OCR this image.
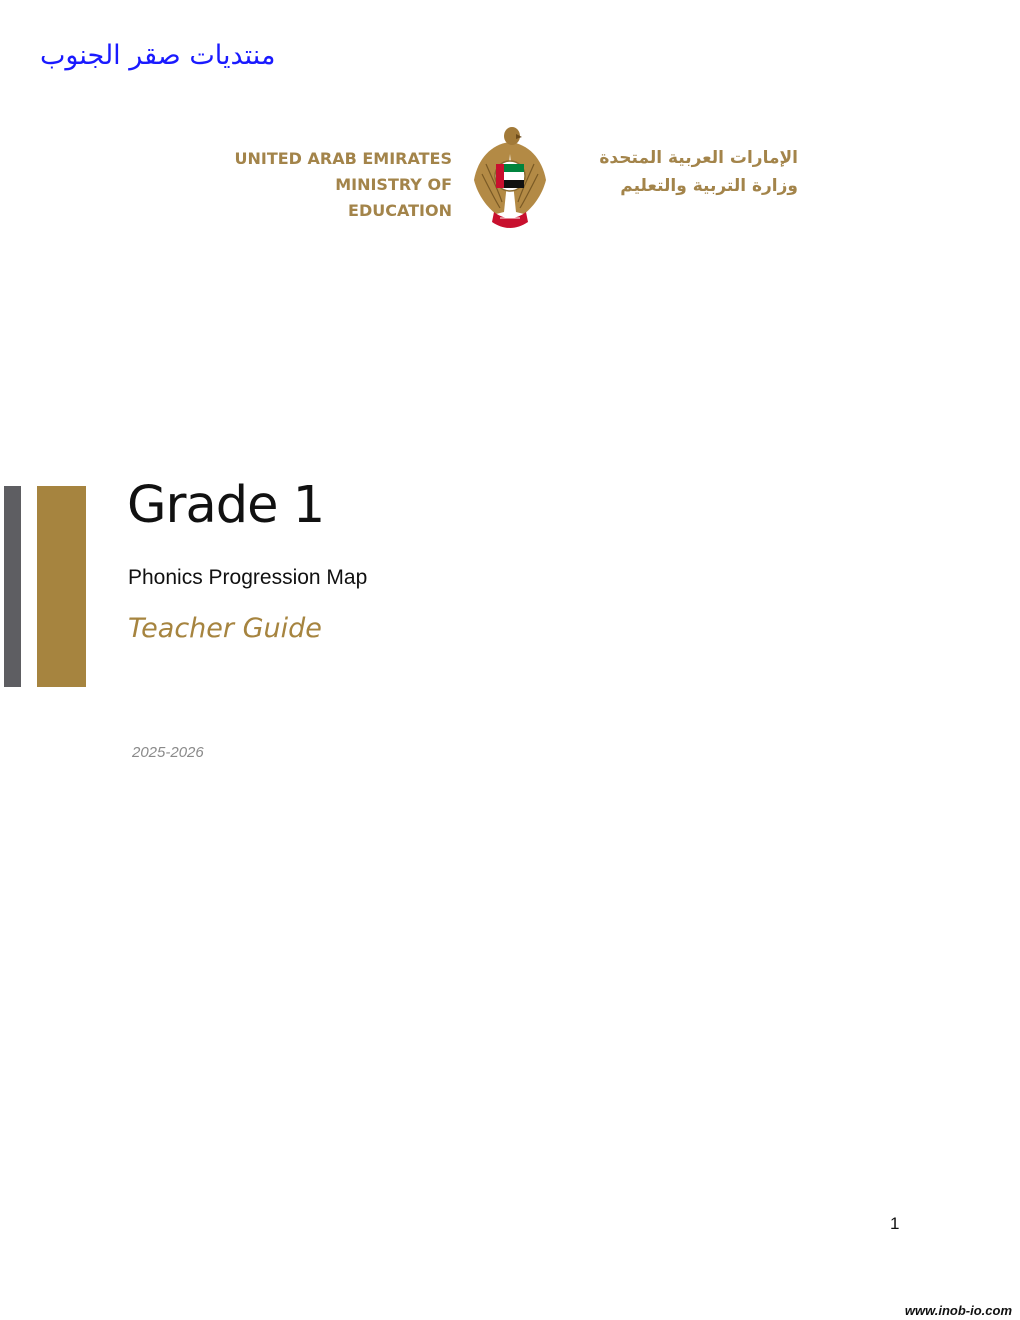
منتديات صقر الجنوب
UNITED ARAB EMIRATES
MINISTRY OF EDUCATION
الإمارات العربية المتحدة
وزارة التربية والتعليم
Grade 1
Phonics Progression Map
Teacher Guide
2025-2026
1
www.inob-io.com
